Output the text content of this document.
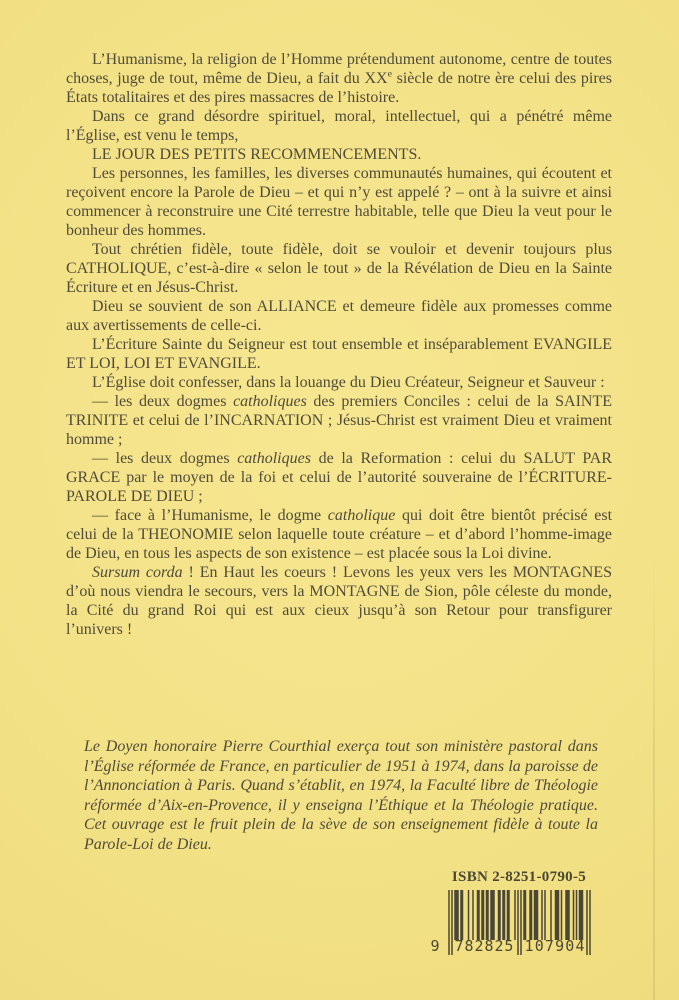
L’Humanisme, la religion de l’Homme prétendument autonome, centre de toutes choses, juge de tout, même de Dieu, a fait du XXe siècle de notre ère celui des pires États totalitaires et des pires massacres de l’histoire.

Dans ce grand désordre spirituel, moral, intellectuel, qui a pénétré même l’Église, est venu le temps,

LE JOUR DES PETITS RECOMMENCEMENTS.

Les personnes, les familles, les diverses communautés humaines, qui écoutent et reçoivent encore la Parole de Dieu – et qui n’y est appelé ? – ont à la suivre et ainsi commencer à reconstruire une Cité terrestre habitable, telle que Dieu la veut pour le bonheur des hommes.

Tout chrétien fidèle, toute fidèle, doit se vouloir et devenir toujours plus CATHOLIQUE, c’est-à-dire « selon le tout » de la Révélation de Dieu en la Sainte Écriture et en Jésus-Christ.

Dieu se souvient de son ALLIANCE et demeure fidèle aux promesses comme aux avertissements de celle-ci.

L’Écriture Sainte du Seigneur est tout ensemble et inséparablement EVANGILE ET LOI, LOI ET EVANGILE.

L’Église doit confesser, dans la louange du Dieu Créateur, Seigneur et Sauveur :

— les deux dogmes catholiques des premiers Conciles : celui de la SAINTE TRINITE et celui de l’INCARNATION ; Jésus-Christ est vraiment Dieu et vraiment homme ;

— les deux dogmes catholiques de la Reformation : celui du SALUT PAR GRACE par le moyen de la foi et celui de l’autorité souveraine de l’ÉCRITURE-PAROLE DE DIEU ;

— face à l’Humanisme, le dogme catholique qui doit être bientôt précisé est celui de la THEONOMIE selon laquelle toute créature – et d’abord l’homme-image de Dieu, en tous les aspects de son existence – est placée sous la Loi divine.

Sursum corda ! En Haut les coeurs ! Levons les yeux vers les MONTAGNES d’où nous viendra le secours, vers la MONTAGNE de Sion, pôle céleste du monde, la Cité du grand Roi qui est aux cieux jusqu’à son Retour pour transfigurer l’univers !

Le Doyen honoraire Pierre Courthial exerça tout son ministère pastoral dans l’Église réformée de France, en particulier de 1951 à 1974, dans la paroisse de l’Annonciation à Paris. Quand s’établit, en 1974, la Faculté libre de Théologie réformée d’Aix-en-Provence, il y enseigna l’Éthique et la Théologie pratique. Cet ouvrage est le fruit plein de la sève de son enseignement fidèle à toute la Parole-Loi de Dieu.

ISBN 2-8251-0790-5
9 7 8 2 8 2 5 1 0 7 9 0 4
